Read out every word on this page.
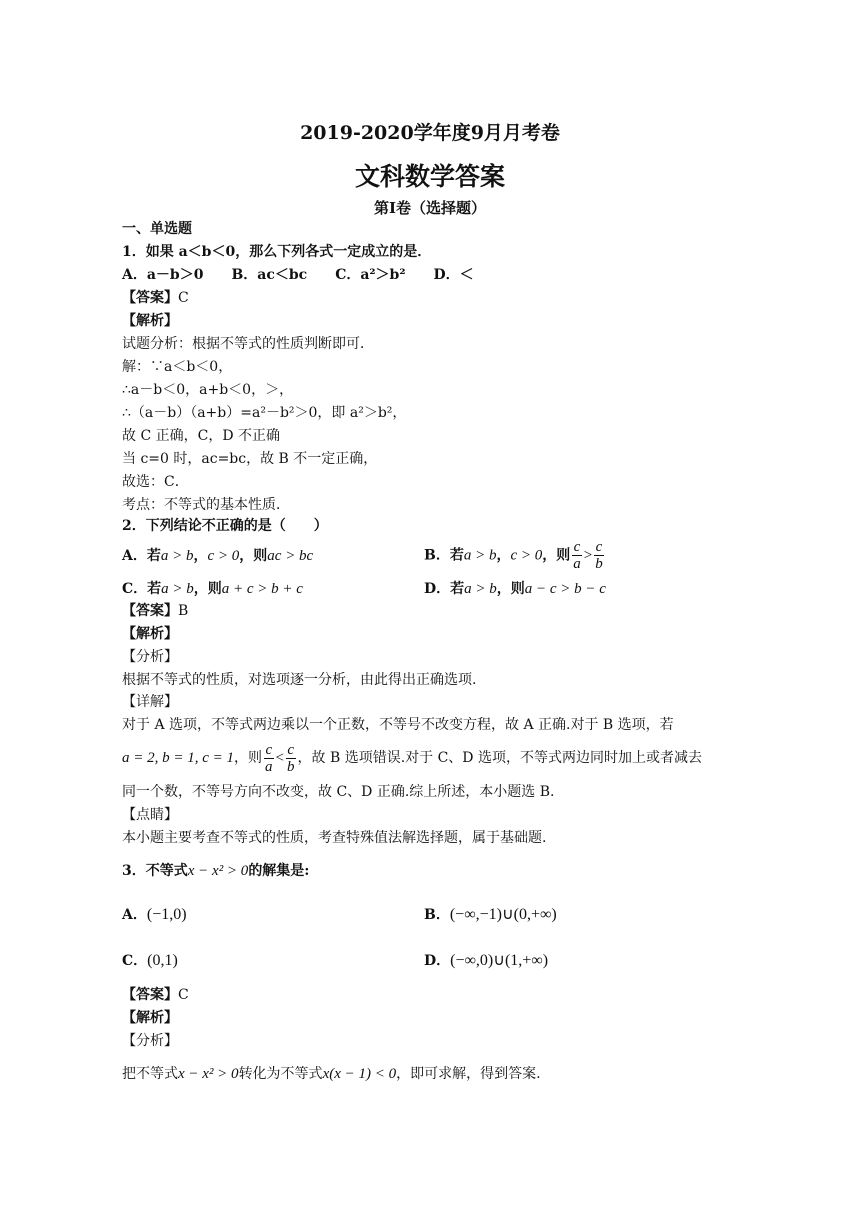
2019-2020学年度9月月考卷
文科数学答案
第I卷（选择题）
一、单选题
1．如果 a＜b＜0，那么下列各式一定成立的是．
A．a－b＞0　　B．ac＜bc　　C．a²＞b²　　D．＜
【答案】C
【解析】
试题分析：根据不等式的性质判断即可．
解：∵a＜b＜0，
∴a－b＜0，a+b＜0，＞，
∴（a－b）（a+b）=a²－b²＞0，即 a²＞b²，
故 C 正确，C，D 不正确
当 c=0 时，ac=bc，故 B 不一定正确，
故选：C．
考点：不等式的基本性质．
2．下列结论不正确的是（　　）
A．若a > b，c > 0，则ac > bc	B．若a > b，c > 0，则 $\frac{c}{a} > \frac{c}{b}$
C．若a > b，则a + c > b + c	D．若a > b，则a − c > b − c
【答案】B
【解析】
【分析】
根据不等式的性质，对选项逐一分析，由此得出正确选项.
【详解】
对于 A 选项，不等式两边乘以一个正数，不等号不改变方程，故 A 正确.对于 B 选项，若
a = 2, b = 1, c = 1，则 $\frac{c}{a} < \frac{c}{b}$ ，故 B 选项错误.对于 C、D 选项，不等式两边同时加上或者减去
同一个数，不等号方向不改变，故 C、D 正确.综上所述，本小题选 B.
【点睛】
本小题主要考查不等式的性质，考查特殊值法解选择题，属于基础题.
3．不等式x − x² > 0的解集是:
A．(−1,0)	B．(−∞,−1)∪(0,+∞)
C．(0,1)	D．(−∞,0)∪(1,+∞)
【答案】C
【解析】
【分析】
把不等式x − x² > 0转化为不等式x(x − 1) < 0，即可求解，得到答案.
